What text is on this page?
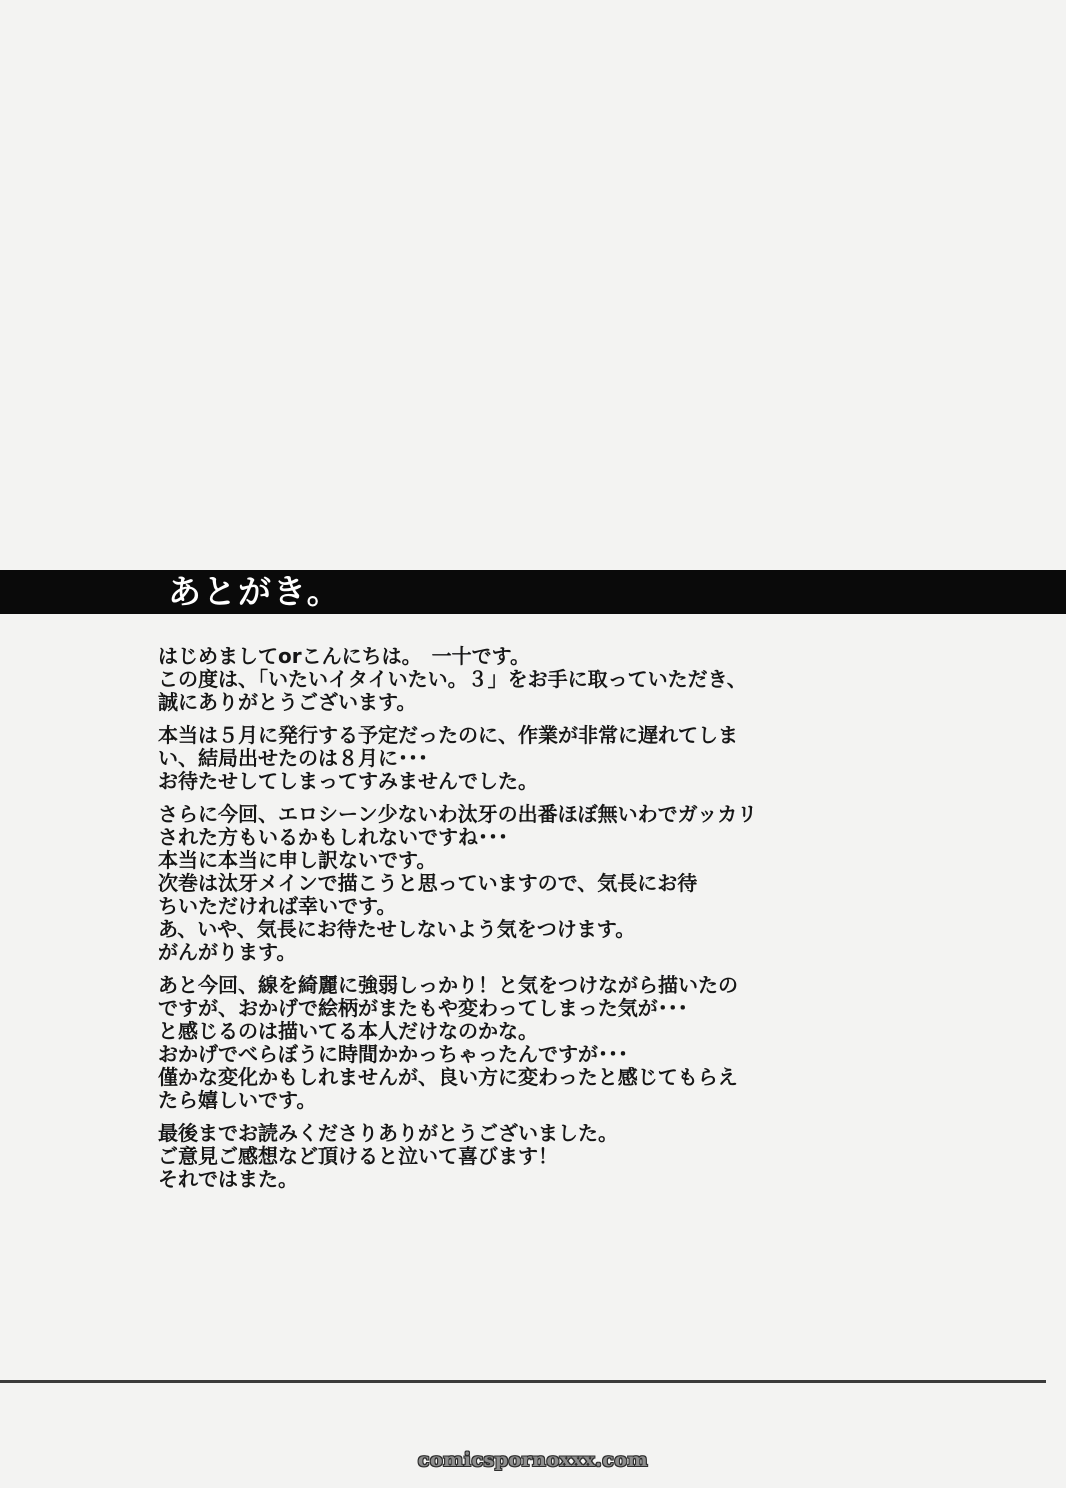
あとがき。
はじめましてorこんにちは。　一十です。
この度は、「いたいイタイいたい。３」をお手に取っていただき、
誠にありがとうございます。
本当は５月に発行する予定だったのに、作業が非常に遅れてしま
い、結局出せたのは８月に･･･
お待たせしてしまってすみませんでした。
さらに今回、エロシーン少ないわ汰牙の出番ほぼ無いわでガッカリ
された方もいるかもしれないですね･･･
本当に本当に申し訳ないです。
次巻は汰牙メインで描こうと思っていますので、気長にお待
ちいただければ幸いです。
あ、いや、気長にお待たせしないよう気をつけます。
がんがります。
あと今回、線を綺麗に強弱しっかり！と気をつけながら描いたの
ですが、おかげで絵柄がまたもや変わってしまった気が･･･
と感じるのは描いてる本人だけなのかな。
おかげでべらぼうに時間かかっちゃったんですが･･･
僅かな変化かもしれませんが、良い方に変わったと感じてもらえ
たら嬉しいです。
最後までお読みくださりありがとうございました。
ご意見ご感想など頂けると泣いて喜びます！
それではまた。
comicspornoxxx.com
